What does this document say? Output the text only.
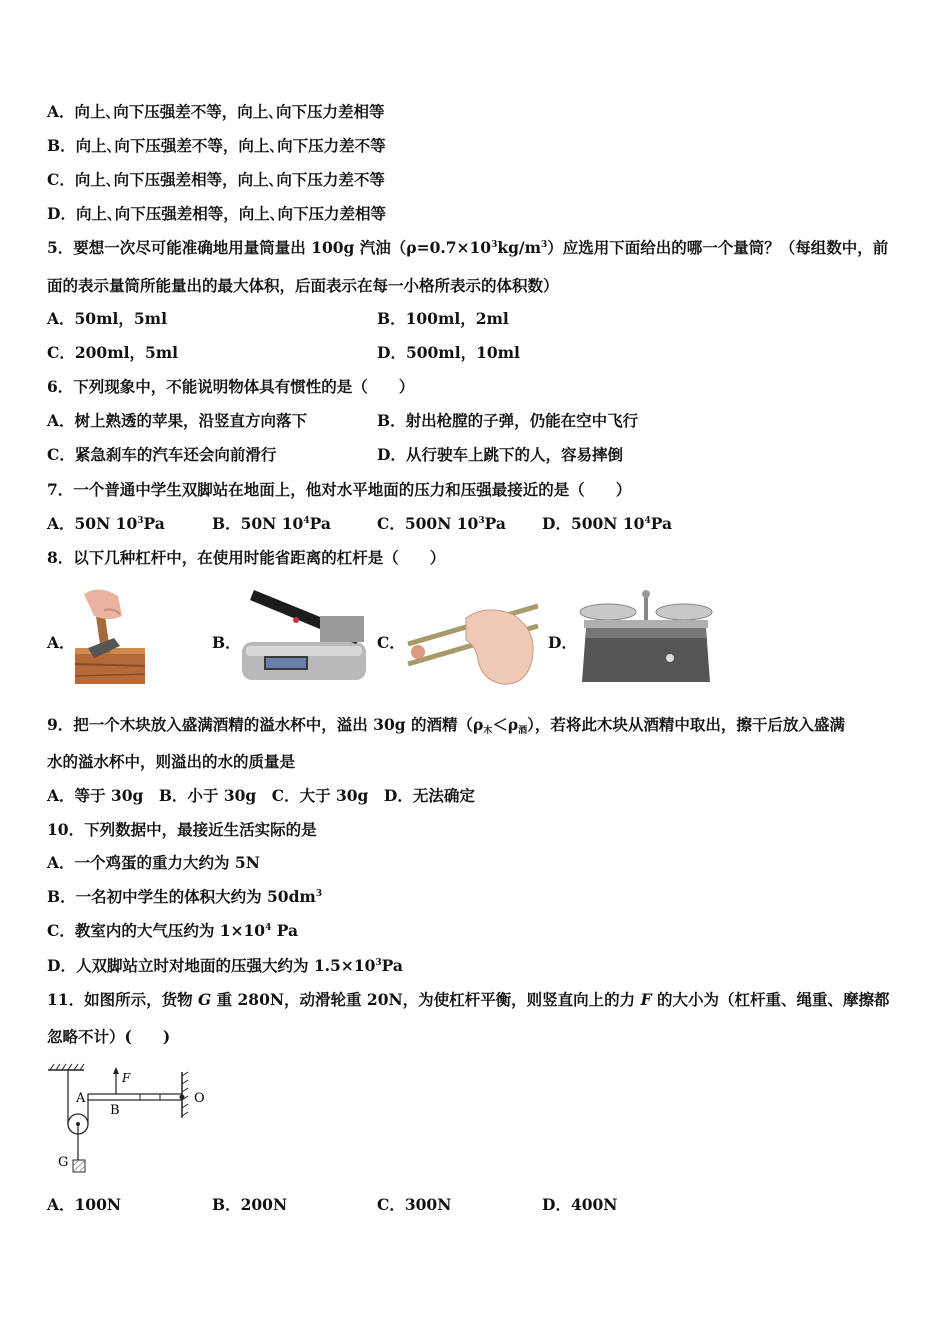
A．向上､向下压强差不等，向上､向下压力差相等
B．向上､向下压强差不等，向上､向下压力差不等
C．向上､向下压强差相等，向上､向下压力差不等
D．向上､向下压强差相等，向上､向下压力差相等
5．要想一次尽可能准确地用量筒量出 100g 汽油$(\rho=0.7\times 10^3kg/m^3)$应选用下面给出的哪一个量筒？（每组数中，前
面的表示量筒所能量出的最大体积，后面表示在每一小格所表示的体积数）
A．50ml，5ml	B．100ml，2ml
C．200ml，5ml	D．500ml，10ml
6．下列现象中，不能说明物体具有惯性的是（　　）
A．树上熟透的苹果，沿竖直方向落下	B．射出枪膛的子弹，仍能在空中飞行
C．紧急刹车的汽车还会向前滑行	D．从行驶车上跳下的人，容易摔倒
7．一个普通中学生双脚站在地面上，他对水平地面的压力和压强最接近的是（　　）
A．50N $10^3Pa$	B．50N $10^4Pa$	C．500N $10^3Pa$ D．500N $10^4Pa$
8．以下几种杠杆中，在使用时能省距离的杠杆是（　　）
A．	B．	C．	D．
9．把一个木块放入盛满酒精的溢水杯中，溢出 30g 的酒精$(\rho_木<\rho_酒)$，若将此木块从酒精中取出，擦干后放入盛满
水的溢水杯中，则溢出的水的质量是
A．等于 30g　B．小于 30g　C．大于 30g　D．无法确定
10．下列数据中，最接近生活实际的是
A．一个鸡蛋的重力大约为 5N
B．一名初中学生的体积大约为 $50dm^3$
C．教室内的大气压约为 $1\times 10^4$ Pa
D．人双脚站立时对地面的压强大约为 $1.5\times 10^3Pa$
11．如图所示，货物 G 重 280N，动滑轮重 20N，为使杠杆平衡，则竖直向上的力 F 的大小为（杠杆重、绳重、摩擦都
忽略不计）(　　)
F
A
B
O
G
A．100N	B．200N	C．300N	D．400N
